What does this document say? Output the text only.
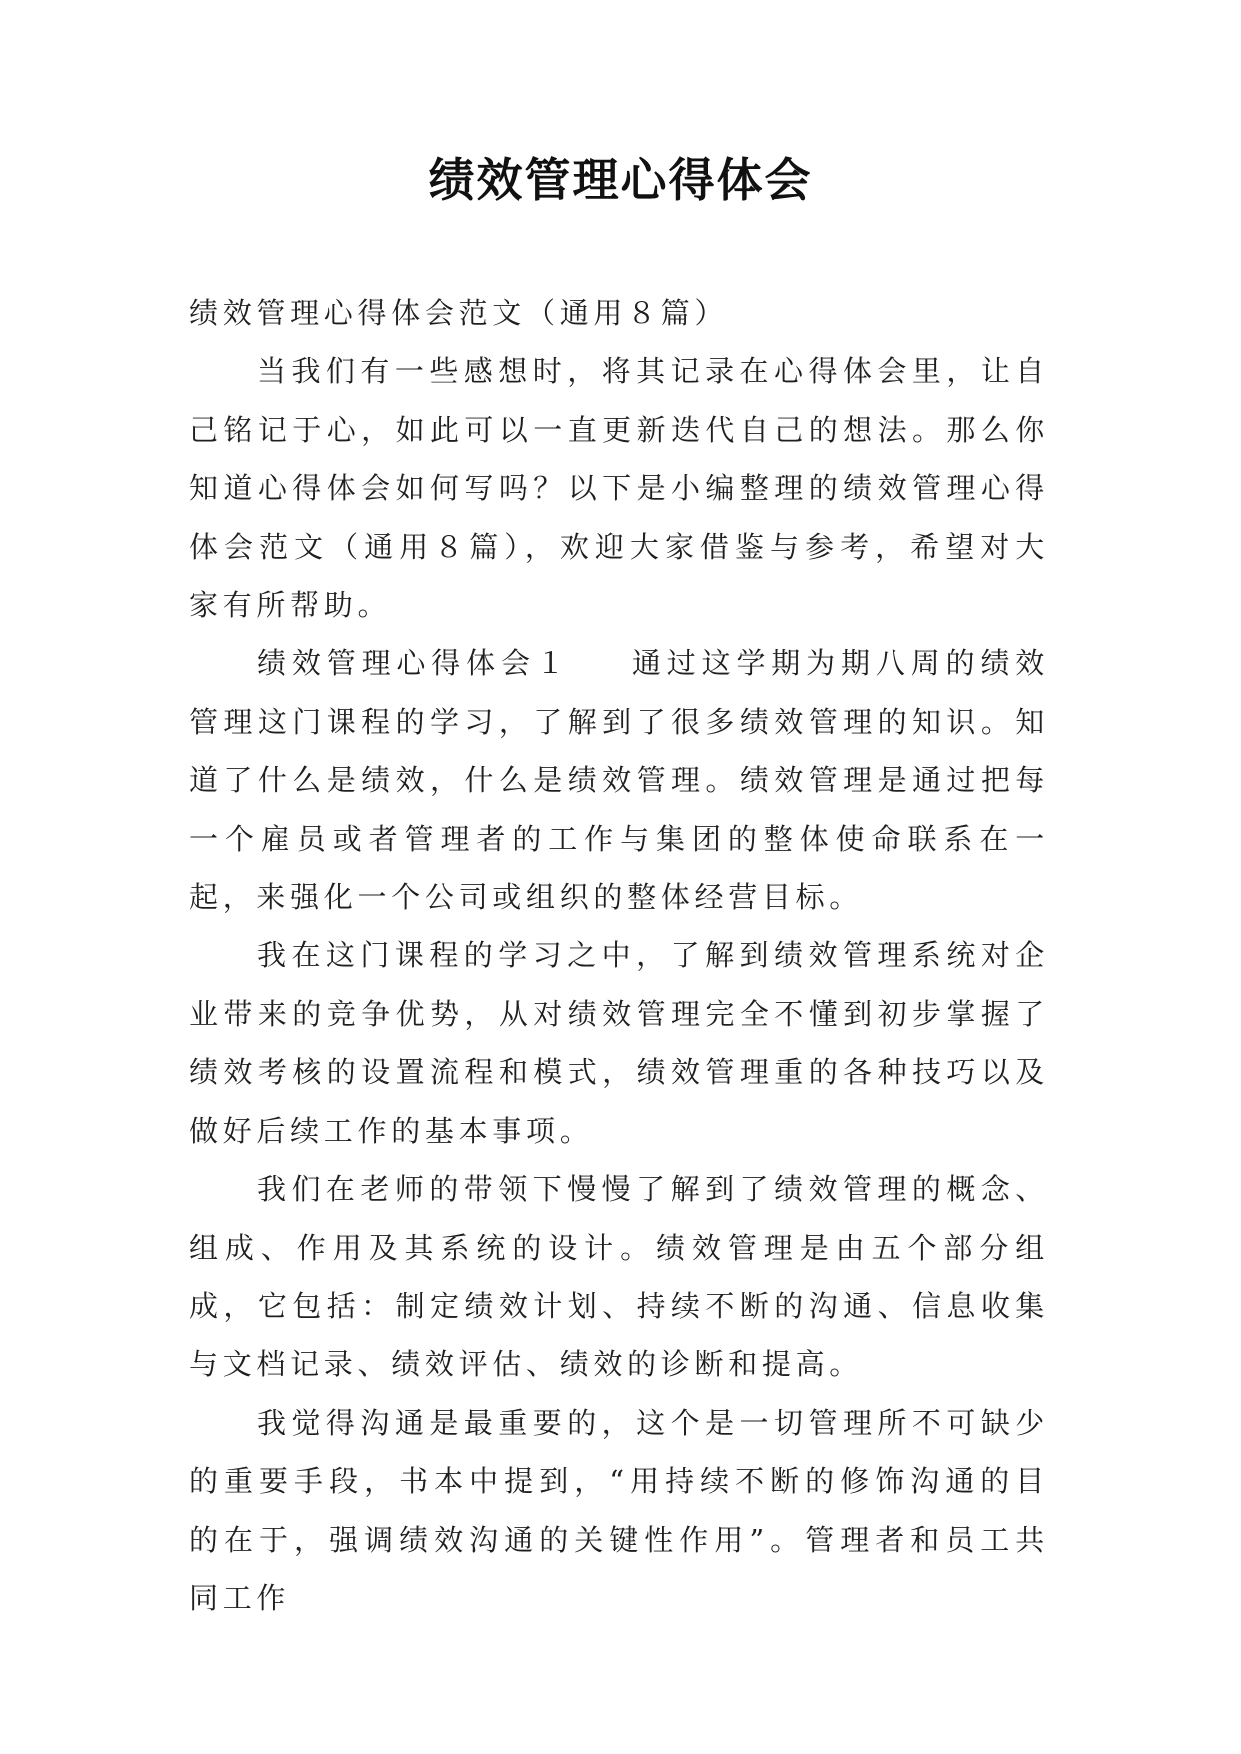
绩效管理心得体会

绩效管理心得体会范文（通用８篇）

当我们有一些感想时，将其记录在心得体会里，让自己铭记于心，如此可以一直更新迭代自己的想法。那么你知道心得体会如何写吗？以下是小编整理的绩效管理心得体会范文（通用８篇），欢迎大家借鉴与参考，希望对大家有所帮助。

绩效管理心得体会１ 通过这学期为期八周的绩效管理这门课程的学习，了解到了很多绩效管理的知识。知道了什么是绩效，什么是绩效管理。绩效管理是通过把每一个雇员或者管理者的工作与集团的整体使命联系在一起，来强化一个公司或组织的整体经营目标。

我在这门课程的学习之中，了解到绩效管理系统对企业带来的竞争优势，从对绩效管理完全不懂到初步掌握了绩效考核的设置流程和模式，绩效管理重的各种技巧以及做好后续工作的基本事项。

我们在老师的带领下慢慢了解到了绩效管理的概念、组成、作用及其系统的设计。绩效管理是由五个部分组成，它包括：制定绩效计划、持续不断的沟通、信息收集与文档记录、绩效评估、绩效的诊断和提高。

我觉得沟通是最重要的，这个是一切管理所不可缺少的重要手段，书本中提到，“用持续不断的修饰沟通的目的在于，强调绩效沟通的关键性作用”。管理者和员工共同工作
